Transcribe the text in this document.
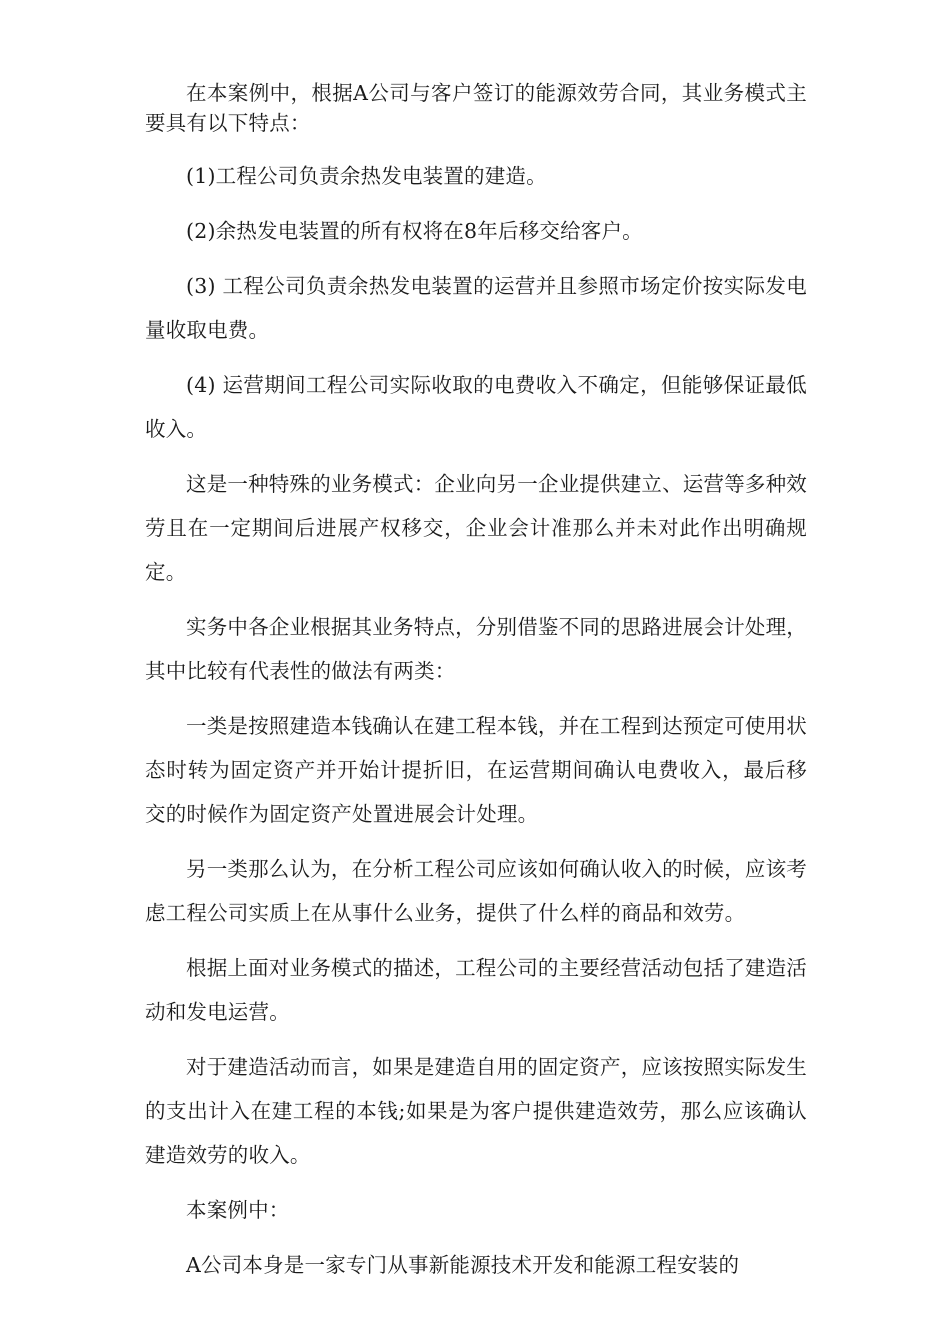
在本案例中，根据A公司与客户签订的能源效劳合同，其业务模式主要具有以下特点：

(1)工程公司负责余热发电装置的建造。

(2)余热发电装置的所有权将在8年后移交给客户。

(3) 工程公司负责余热发电装置的运营并且参照市场定价按实际发电量收取电费。

(4) 运营期间工程公司实际收取的电费收入不确定，但能够保证最低收入。

这是一种特殊的业务模式：企业向另一企业提供建立、运营等多种效劳且在一定期间后进展产权移交，企业会计准那么并未对此作出明确规定。

实务中各企业根据其业务特点，分别借鉴不同的思路进展会计处理，其中比较有代表性的做法有两类：

一类是按照建造本钱确认在建工程本钱，并在工程到达预定可使用状态时转为固定资产并开始计提折旧，在运营期间确认电费收入，最后移交的时候作为固定资产处置进展会计处理。

另一类那么认为，在分析工程公司应该如何确认收入的时候，应该考虑工程公司实质上在从事什么业务，提供了什么样的商品和效劳。

根据上面对业务模式的描述，工程公司的主要经营活动包括了建造活动和发电运营。

对于建造活动而言，如果是建造自用的固定资产，应该按照实际发生的支出计入在建工程的本钱;如果是为客户提供建造效劳，那么应该确认建造效劳的收入。

本案例中：

A公司本身是一家专门从事新能源技术开发和能源工程安装的
